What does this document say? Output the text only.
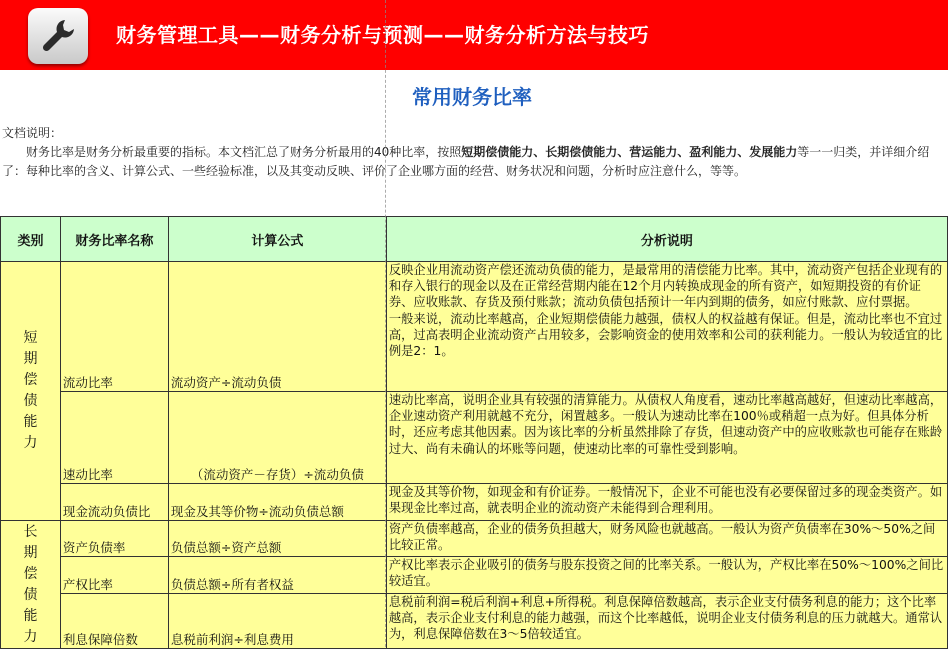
财务管理工具——财务分析与预测——财务分析方法与技巧
常用财务比率
文档说明：
财务比率是财务分析最重要的指标。本文档汇总了财务分析最用的40种比率，按照短期偿债能力、长期偿债能力、营运能力、盈利能力、发展能力等一一归类，并详细介绍了：每种比率的含义、计算公式、一些经验标准，以及其变动反映、评价了企业哪方面的经营、财务状况和问题，分析时应注意什么，等等。
类别	财务比率名称	计算公式	分析说明
短期偿债能力	流动比率	流动资产÷流动负债	反映企业用流动资产偿还流动负债的能力，是最常用的清偿能力比率。其中，流动资产包括企业现有的和存入银行的现金以及在正常经营期内能在12个月内转换成现金的所有资产，如短期投资的有价证券、应收账款、存货及预付账款；流动负债包括预计一年内到期的债务，如应付账款、应付票据。
一般来说，流动比率越高，企业短期偿债能力越强，债权人的权益越有保证。但是，流动比率也不宜过高，过高表明企业流动资产占用较多，会影响资金的使用效率和公司的获利能力。一般认为较适宜的比例是2：1。

	速动比率	（流动资产－存货）÷流动负债	速动比率高，说明企业具有较强的清算能力。从债权人角度看，速动比率越高越好，但速动比率越高，企业速动资产利用就越不充分，闲置越多。一般认为速动比率在100％或稍超一点为好。但具体分析时，还应考虑其他因素。因为该比率的分析虽然排除了存货，但速动资产中的应收账款也可能存在账龄过大、尚有未确认的坏账等问题，使速动比率的可靠性受到影响。

	现金流动负债比	现金及其等价物÷流动负债总额	现金及其等价物，如现金和有价证券。一般情况下，企业不可能也没有必要保留过多的现金类资产。如果现金比率过高，就表明企业的流动资产未能得到合理利用。

长期偿债能力	资产负债率	负债总额÷资产总额	资产负债率越高，企业的债务负担越大，财务风险也就越高。一般认为资产负债率在30%～50%之间比较正常。

	产权比率	负债总额÷所有者权益	产权比率表示企业吸引的债务与股东投资之间的比率关系。一般认为，产权比率在50%～100%之间比较适宜。

	利息保障倍数	息税前利润÷利息费用	息税前利润=税后利润+利息+所得税。利息保障倍数越高，表示企业支付债务利息的能力；这个比率越高，表示企业支付利息的能力越强，而这个比率越低，说明企业支付债务利息的压力就越大。通常认为，利息保障倍数在3～5倍较适宜。
